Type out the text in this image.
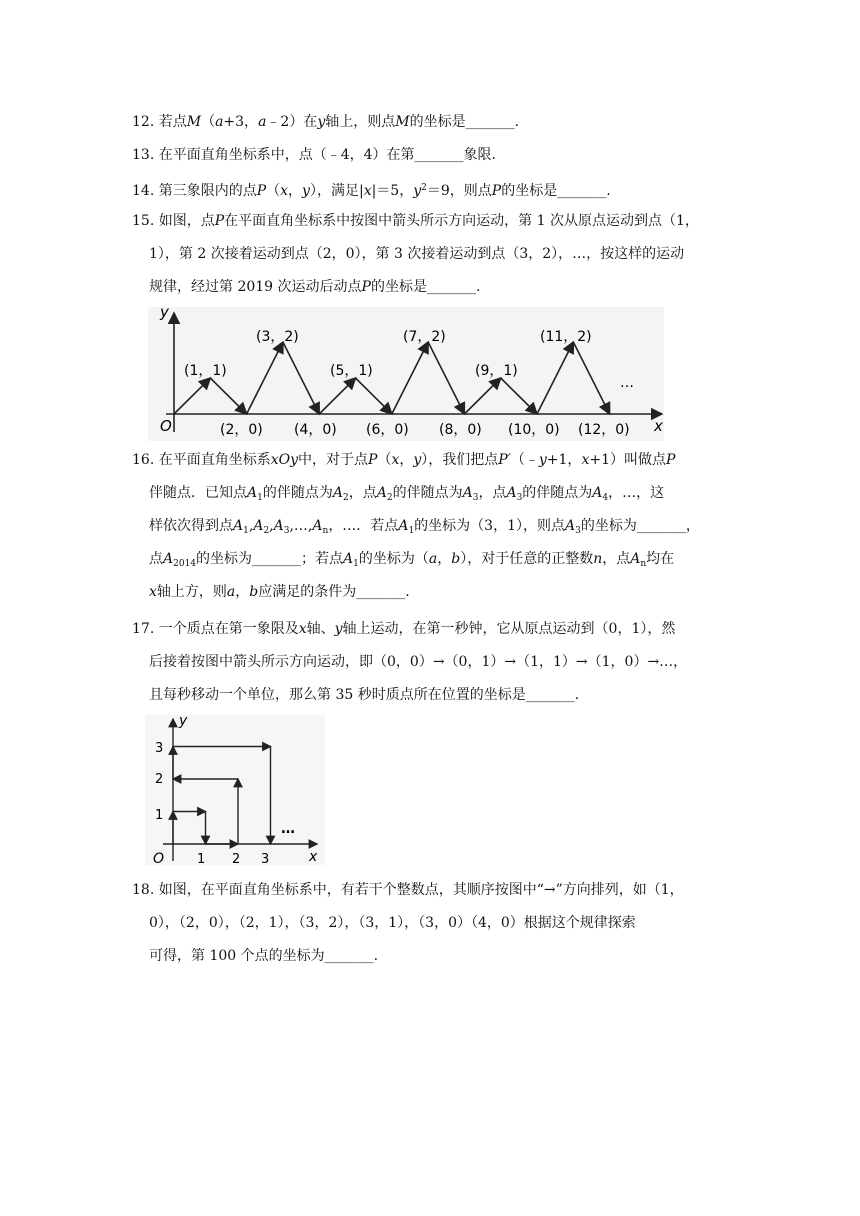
12. 若点M（a+3，a﹣2）在y轴上，则点M的坐标是_______.
13. 在平面直角坐标系中，点（﹣4，4）在第_______象限.
14. 第三象限内的点P（x，y），满足|x|＝5，$y^2=9$，则点P的坐标是_______.
15. 如图，点P在平面直角坐标系中按图中箭头所示方向运动，第 1 次从原点运动到点（1，
1），第 2 次接着运动到点（2，0），第 3 次接着运动到点（3，2），…，按这样的运动
规律，经过第 2019 次运动后动点P的坐标是_______.
y
x
O
(1，1)
(3，2)
(5，1)
(7，2)
(9，1)
(11，2)
…
(2，0) (4，0) (6，0) (8，0) (10，0) (12，0)
16. 在平面直角坐标系xOy中，对于点P（x，y），我们把点P′（﹣y+1，x+1）叫做点P
伴随点．已知点$A_1$的伴随点为$A_2$，点$A_2$的伴随点为$A_3$，点$A_3$的伴随点为$A_4$，…，这
样依次得到点$A_1,A_2,A_3,\dots,A_n$，…．若点$A_1$的坐标为（3，1），则点$A_3$的坐标为_______，
点$A_{2014}$的坐标为_______；若点$A_1$的坐标为（a，b），对于任意的正整数n，点$A_n$均在
x轴上方，则a，b应满足的条件为_______.
17. 一个质点在第一象限及x轴、y轴上运动，在第一秒钟，它从原点运动到（0，1），然
后接着按图中箭头所示方向运动，即（0，0）→（0，1）→（1，1）→（1，0）→…，
且每秒移动一个单位，那么第 35 秒时质点所在位置的坐标是_______.
y
x
O	1 2 3
1
2
3
…
18. 如图，在平面直角坐标系中，有若干个整数点，其顺序按图中“→”方向排列，如（1，
0），（2，0），（2，1），（3，2），（3，1），（3，0）（4，0）根据这个规律探索
可得，第 100 个点的坐标为_______.
